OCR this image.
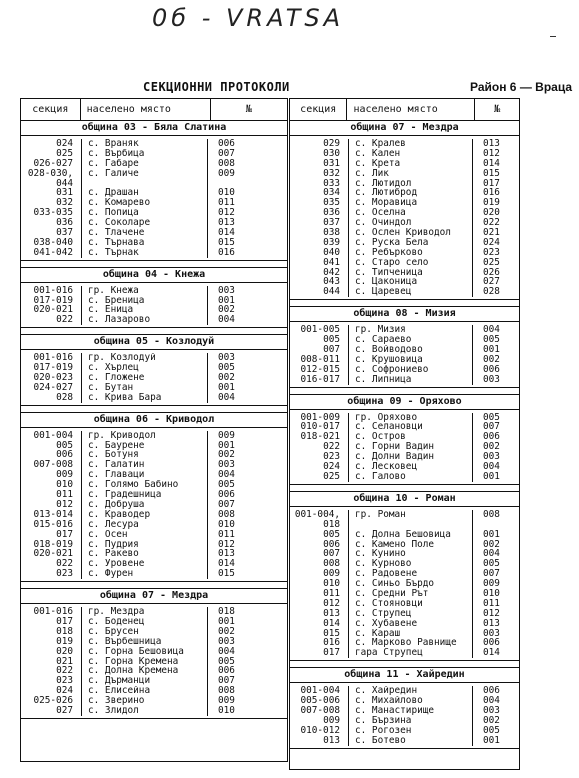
0б - VRATSA
СЕКЦИОННИ ПРОТОКОЛИ	Район 6 — Враца
секция	населено място	№
община 03 - Бяла Слатина
024	с. Враняк	006
025	с. Върбица	007
026-027	с. Габаре	008
028-030,	с. Галиче	009
044
031	с. Драшан	010
032	с. Комарево	011
033-035	с. Попица	012
036	с. Соколаре	013
037	с. Тлачене	014
038-040	с. Търнава	015
041-042	с. Търнак	016
община 04 - Кнежа
001-016	гр. Кнежа	003
017-019	с. Бреница	001
020-021	с. Еница	002
022	с. Лазарово	004
община 05 - Козлодуй
001-016	гр. Козлодуй	003
017-019	с. Хърлец	005
020-023	с. Гложене	002
024-027	с. Бутан	001
028	с. Крива Бара	004
община 06 - Криводол
001-004	гр. Криводол	009
005	с. Баурене	001
006	с. Ботуня	002
007-008	с. Галатин	003
009	с. Главаци	004
010	с. Голямо Бабино	005
011	с. Градешница	006
012	с. Добруша	007
013-014	с. Краводер	008
015-016	с. Лесура	010
017	с. Осен	011
018-019	с. Пудрия	012
020-021	с. Ракево	013
022	с. Уровене	014
023	с. Фурен	015
община 07 - Мездра
001-016	гр. Мездра	018
017	с. Боденец	001
018	с. Брусен	002
019	с. Върбешница	003
020	с. Горна Бешовица	004
021	с. Горна Кремена	005
022	с. Долна Кремена	006
023	с. Дърманци	007
024	с. Елисейна	008
025-026	с. Зверино	009
027	с. Злидол	010
секция	населено място	№
община 07 - Мездра
029	с. Кралев	013
030	с. Кален	012
031	с. Крета	014
032	с. Лик	015
033	с. Лютидол	017
034	с. Лютиброд	016
035	с. Моравица	019
036	с. Оселна	020
037	с. Очиндол	022
038	с. Ослен Криводол	021
039	с. Руска Бела	024
040	с. Ребърково	023
041	с. Старо село	025
042	с. Типченица	026
043	с. Цаконица	027
044	с. Царевец	028
община 08 - Мизия
001-005	гр. Мизия	004
005	с. Сараево	005
007	с. Войводово	001
008-011	с. Крушовица	002
012-015	с. Софрониево	006
016-017	с. Липница	003
община 09 - Оряхово
001-009	гр. Оряхово	005
010-017	с. Селановци	007
018-021	с. Остров	006
022	с. Горни Вадин	002
023	с. Долни Вадин	003
024	с. Лесковец	004
025	с. Галово	001
община 10 - Роман
001-004,	гр. Роман	008
018
005	с. Долна Бешовица	001
006	с. Камено Поле	002
007	с. Кунино	004
008	с. Курново	005
009	с. Радовене	007
010	с. Синьо Бърдо	009
011	с. Средни Рът	010
012	с. Стояновци	011
013	с. Струпец	012
014	с. Хубавене	013
015	с. Караш	003
016	с. Марково Равнище	006
017	гара Струпец	014
община 11 - Хайредин
001-004	с. Хайредин	006
005-006	с. Михайлово	004
007-008	с. Манастирище	003
009	с. Бързина	002
010-012	с. Рогозен	005
013	с. Ботево	001
